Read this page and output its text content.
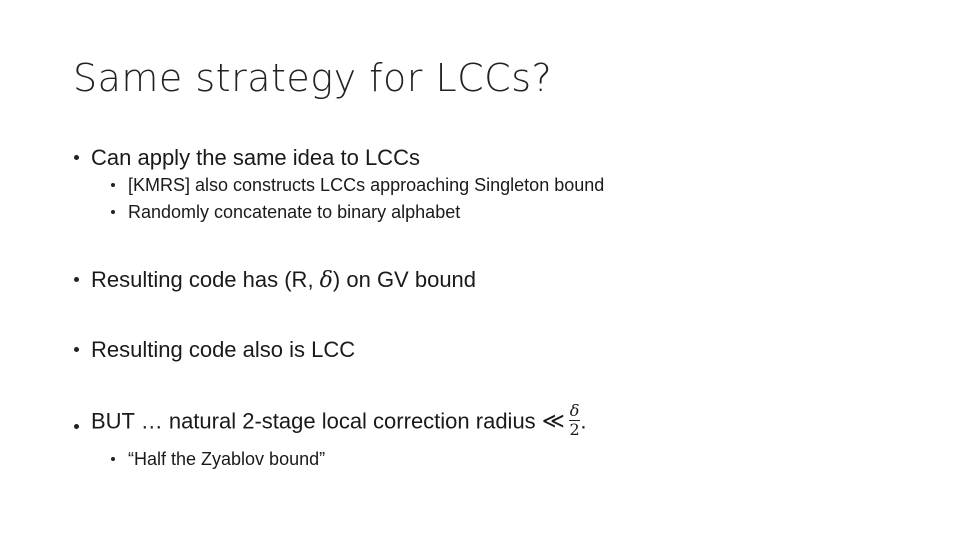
Same strategy for LCCs?
Can apply the same idea to LCCs
[KMRS] also constructs LCCs approaching Singleton bound
Randomly concatenate to binary alphabet
Resulting code has (R, δ) on GV bound
Resulting code also is LCC
BUT … natural 2-stage local correction radius ≪ $\frac{\delta}{2}$ .
“Half the Zyablov bound”
